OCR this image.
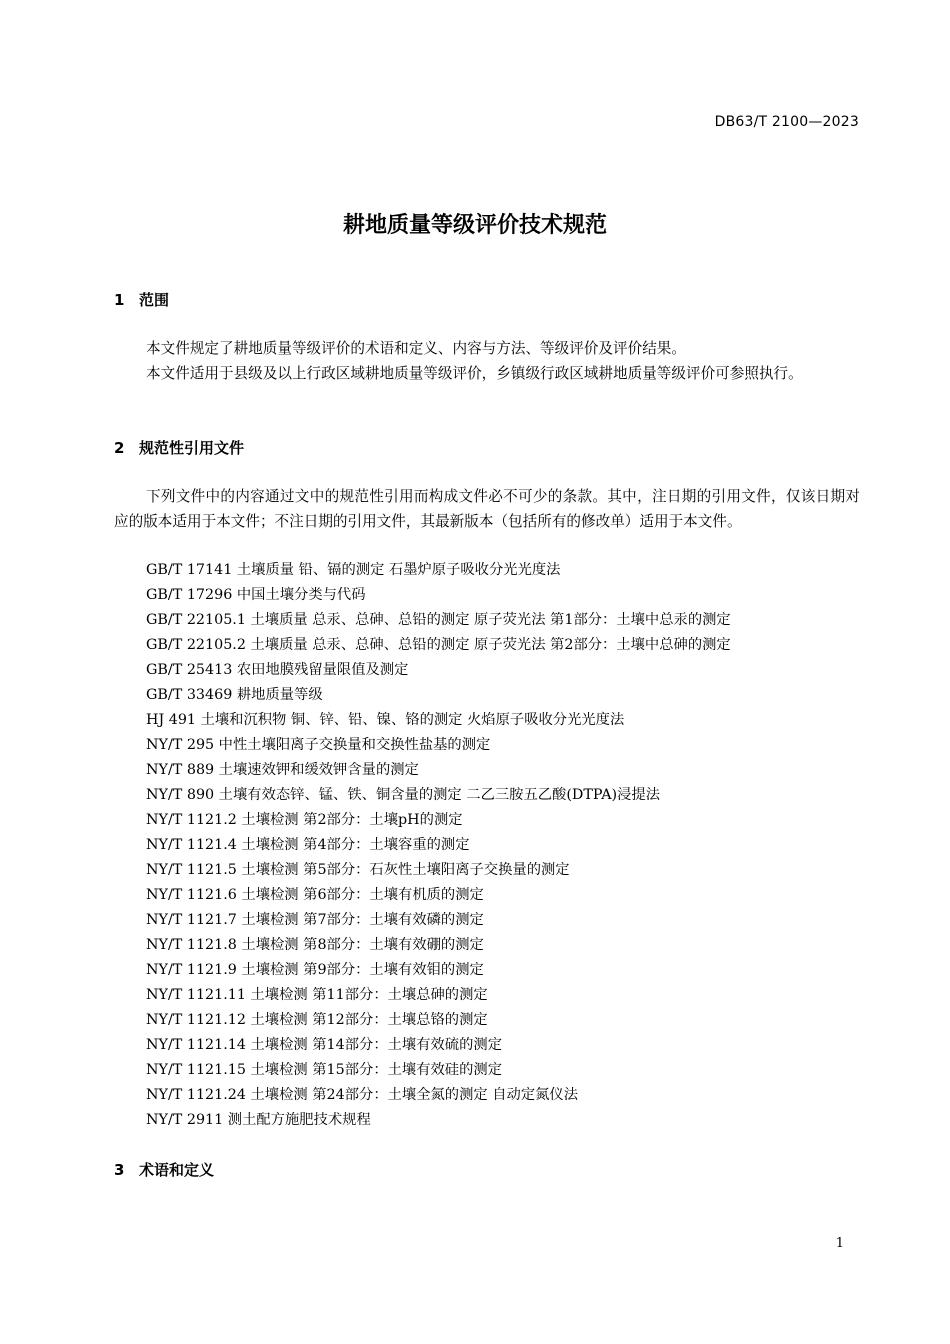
DB63/T 2100—2023
耕地质量等级评价技术规范
1 范围
本文件规定了耕地质量等级评价的术语和定义、内容与方法、等级评价及评价结果。
本文件适用于县级及以上行政区域耕地质量等级评价，乡镇级行政区域耕地质量等级评价可参照执行。
2 规范性引用文件
下列文件中的内容通过文中的规范性引用而构成文件必不可少的条款。其中，注日期的引用文件，仅该日期对应的版本适用于本文件；不注日期的引用文件，其最新版本（包括所有的修改单）适用于本文件。
GB/T 17141 土壤质量 铅、镉的测定 石墨炉原子吸收分光光度法
GB/T 17296 中国土壤分类与代码
GB/T 22105.1 土壤质量 总汞、总砷、总铅的测定 原子荧光法 第1部分：土壤中总汞的测定
GB/T 22105.2 土壤质量 总汞、总砷、总铅的测定 原子荧光法 第2部分：土壤中总砷的测定
GB/T 25413 农田地膜残留量限值及测定
GB/T 33469 耕地质量等级
HJ 491 土壤和沉积物 铜、锌、铅、镍、铬的测定 火焰原子吸收分光光度法
NY/T 295 中性土壤阳离子交换量和交换性盐基的测定
NY/T 889 土壤速效钾和缓效钾含量的测定
NY/T 890 土壤有效态锌、锰、铁、铜含量的测定 二乙三胺五乙酸(DTPA)浸提法
NY/T 1121.2 土壤检测 第2部分：土壤pH的测定
NY/T 1121.4 土壤检测 第4部分：土壤容重的测定
NY/T 1121.5 土壤检测 第5部分：石灰性土壤阳离子交换量的测定
NY/T 1121.6 土壤检测 第6部分：土壤有机质的测定
NY/T 1121.7 土壤检测 第7部分：土壤有效磷的测定
NY/T 1121.8 土壤检测 第8部分：土壤有效硼的测定
NY/T 1121.9 土壤检测 第9部分：土壤有效钼的测定
NY/T 1121.11 土壤检测 第11部分：土壤总砷的测定
NY/T 1121.12 土壤检测 第12部分：土壤总铬的测定
NY/T 1121.14 土壤检测 第14部分：土壤有效硫的测定
NY/T 1121.15 土壤检测 第15部分：土壤有效硅的测定
NY/T 1121.24 土壤检测 第24部分：土壤全氮的测定 自动定氮仪法
NY/T 2911 测土配方施肥技术规程
3 术语和定义
1
